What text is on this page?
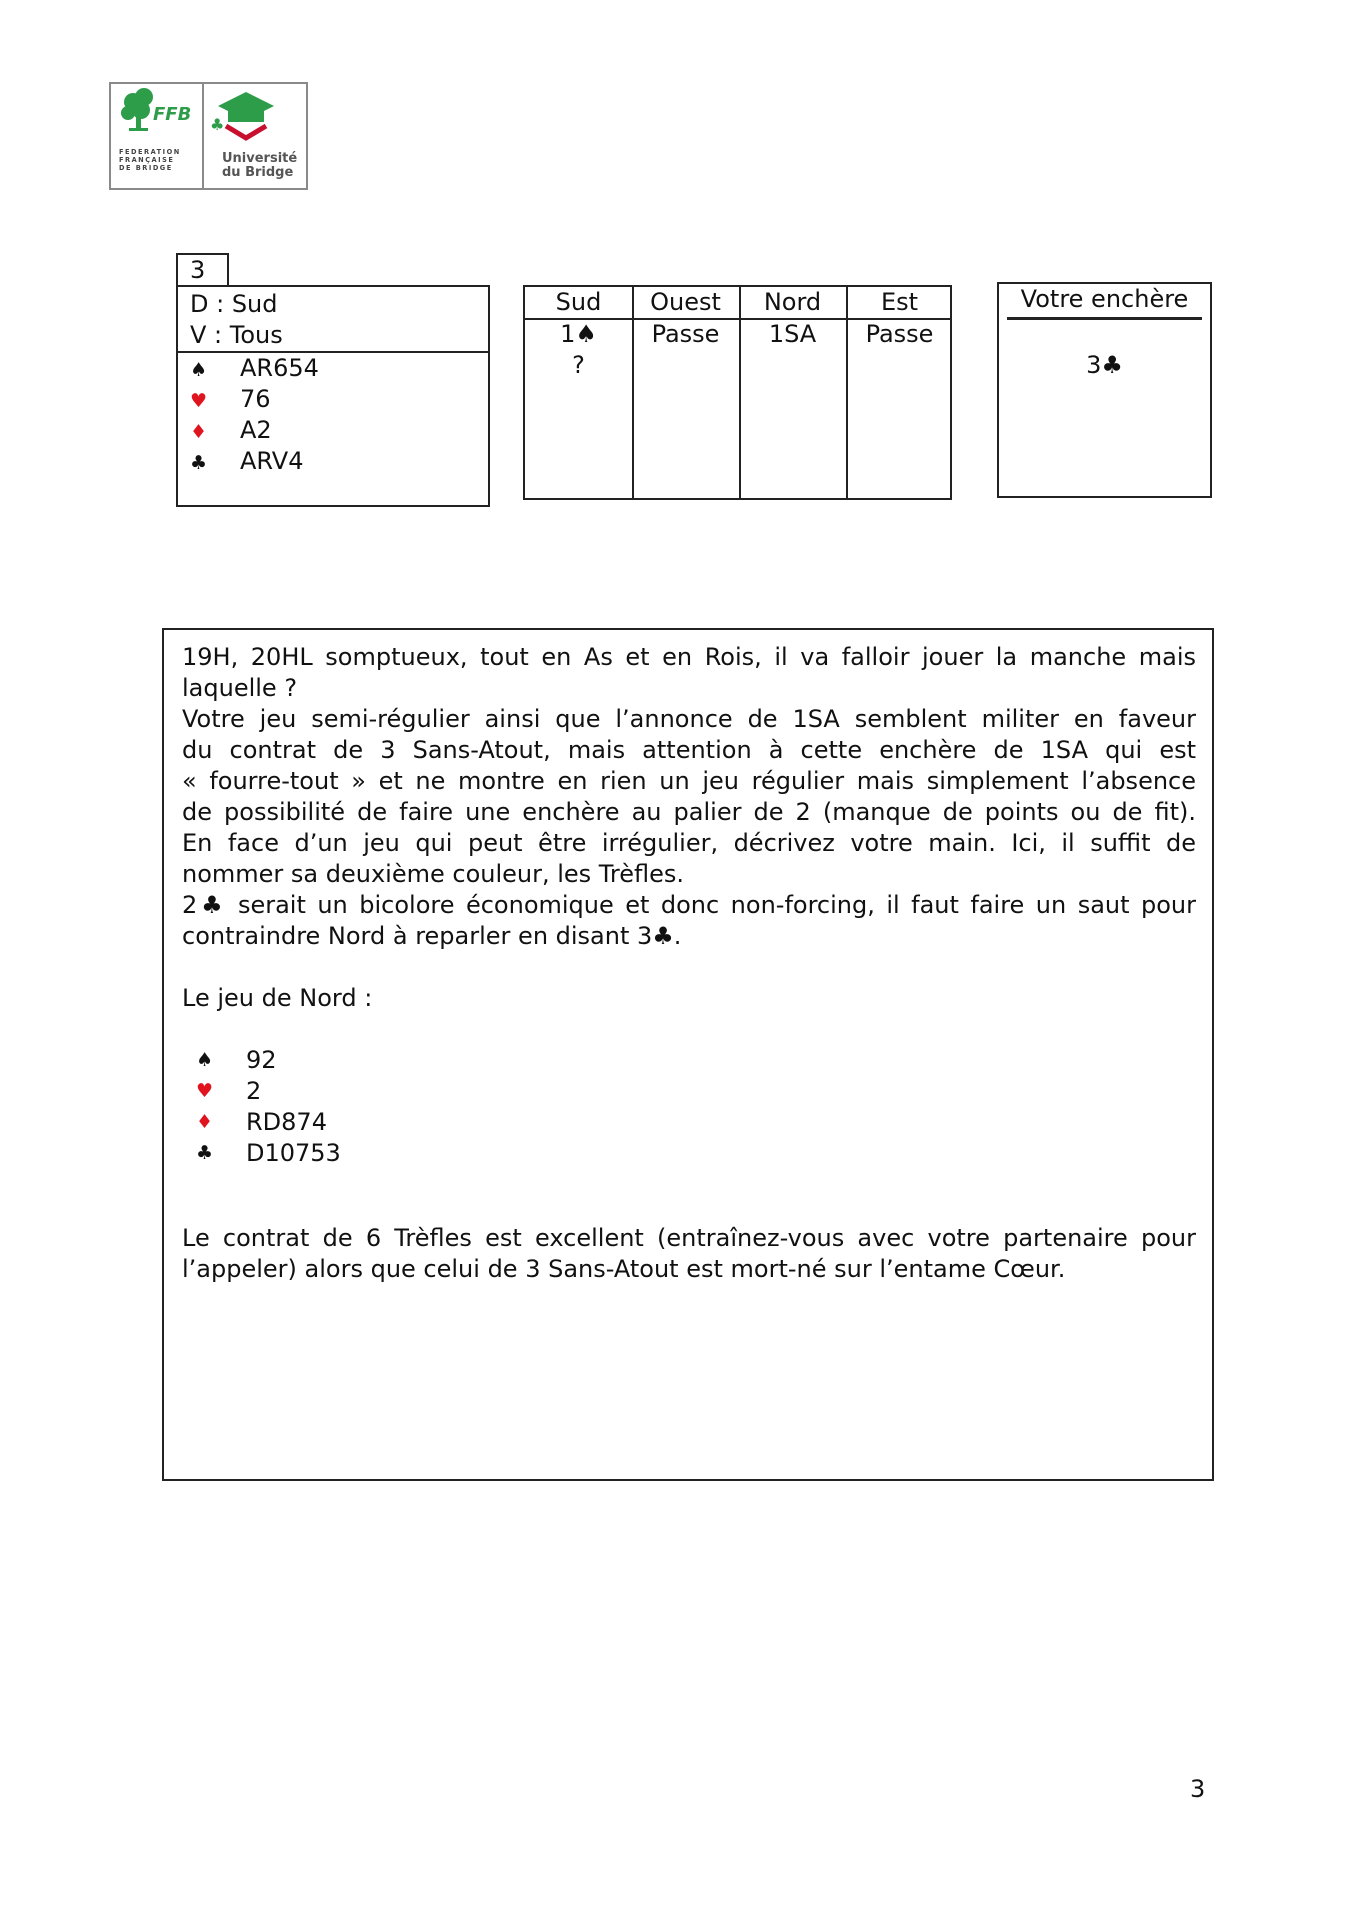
FFB
FEDERATION
FRANÇAISE
DE BRIDGE
♣
Université
du Bridge
3
D : Sud
V : Tous
♠ AR654
♥ 76
♦ A2
♣ ARV4
Sud	Ouest	Nord	Est
1♠	Passe	1SA	Passe
?
Votre enchère
3♣
19H, 20HL somptueux, tout en As et en Rois, il va falloir jouer la manche mais
laquelle ?
Votre jeu semi-régulier ainsi que l’annonce de 1SA semblent militer en faveur
du contrat de 3 Sans-Atout, mais attention à cette enchère de 1SA qui est
« fourre-tout » et ne montre en rien un jeu régulier mais simplement l’absence
de possibilité de faire une enchère au palier de 2 (manque de points ou de fit).
En face d’un jeu qui peut être irrégulier, décrivez votre main. Ici, il suffit de
nommer sa deuxième couleur, les Trèfles.
2♣ serait un bicolore économique et donc non-forcing, il faut faire un saut pour
contraindre Nord à reparler en disant 3♣.
Le jeu de Nord :
♠ 92
♥ 2
♦ RD874
♣ D10753
Le contrat de 6 Trèfles est excellent (entraînez-vous avec votre partenaire pour
l’appeler) alors que celui de 3 Sans-Atout est mort-né sur l’entame Cœur.
3
